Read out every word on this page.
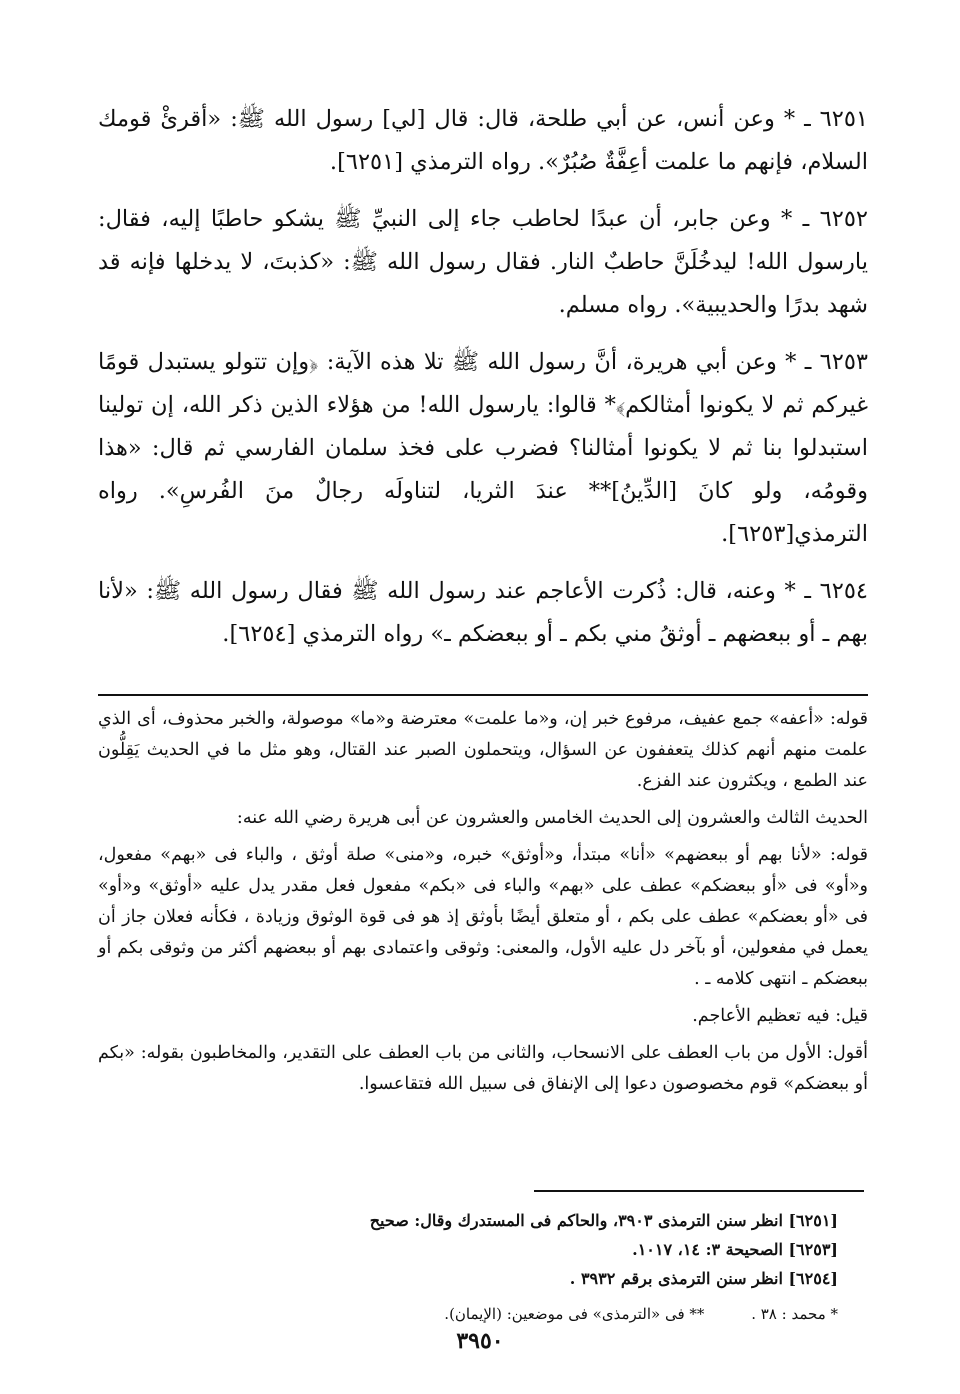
٦٢٥١ ـ * وعن أنس، عن أبي طلحة، قال: قال [لي] رسول الله ﷺ: «أقرئْ قومك السلام، فإنهم ما علمت أعِفَّةٌ صُبُرٌ». رواه الترمذي [٦٢٥١].

٦٢٥٢ ـ * وعن جابر، أن عبدًا لحاطب جاء إلى النبيِّ ﷺ يشكو حاطبًا إليه، فقال: يارسول الله! ليدخُلَنَّ حاطبٌ النار. فقال رسول الله ﷺ: «كذبتَ، لا يدخلها فإنه قد شهد بدرًا والحديبية». رواه مسلم.

٦٢٥٣ ـ * وعن أبي هريرة، أنَّ رسول الله ﷺ تلا هذه الآية: ﴿وإن تتولو يستبدل قومًا غيركم ثم لا يكونوا أمثالكم﴾* قالوا: يارسول الله! من هؤلاء الذين ذكر الله، إن تولينا استبدلوا بنا ثم لا يكونوا أمثالنا؟ فضرب على فخذ سلمان الفارسي ثم قال: «هذا وقومُه، ولو كانَ [الدِّينُ]** عندَ الثريا، لتناولَه رجالٌ منَ الفُرسِ». رواه الترمذي[٦٢٥٣].

٦٢٥٤ ـ * وعنه، قال: ذُكرت الأعاجم عند رسول الله ﷺ فقال رسول الله ﷺ: «لأنا بهم ـ أو ببعضهم ـ أوثقُ مني بكم ـ أو ببعضكم ـ» رواه الترمذي [٦٢٥٤].

قوله: «أعفه» جمع عفيف، مرفوع خبر إن، و«ما علمت» معترضة و«ما» موصولة، والخبر محذوف، أى الذي علمت منهم أنهم كذلك يتعففون عن السؤال، ويتحملون الصبر عند القتال، وهو مثل ما في الحديث يَقِلُّون عند الطمع ، ويكثرون عند الفزع.

الحديث الثالث والعشرون إلى الحديث الخامس والعشرون عن أبى هريرة رضي الله عنه:

قوله: «لأنا بهم أو ببعضهم» «أنا» مبتدأ، و«أوثق» خبره، و«منى» صلة أوثق ، والباء فى «بهم» مفعول، و«أو» فى «أو ببعضكم» عطف على «بهم» والباء فى «بكم» مفعول فعل مقدر يدل عليه «أوثق» و«أو» فى «أو بعضكم» عطف على بكم ، أو متعلق أيضًا بأوثق إذ هو فى قوة الوثوق وزيادة ، فكأنه فعلان جاز أن يعمل في مفعولين، أو بآخر دل عليه الأول، والمعنى: وثوقى واعتمادى بهم أو ببعضهم أكثر من وثوقى بكم أو ببعضكم ـ انتهى كلامه ـ .

قيل: فيه تعظيم الأعاجم.

أقول: الأول من باب العطف على الانسحاب، والثانى من باب العطف على التقدير، والمخاطبون بقوله: «بكم أو ببعضكم» قوم مخصوصون دعوا إلى الإنفاق فى سبيل الله فتقاعسوا.

[٦٢٥١] انظر سنن الترمذى ٣٩٠٣، والحاكم فى المستدرك وقال: صحيح
[٦٢٥٣] الصحيحة ٣: ١٤، ١٠١٧.
[٦٢٥٤] انظر سنن الترمذى برقم ٣٩٣٢ .
* محمد : ٣٨ . ** فى «الترمذى» فى موضعين: (الإيمان).
٣٩٥٠
